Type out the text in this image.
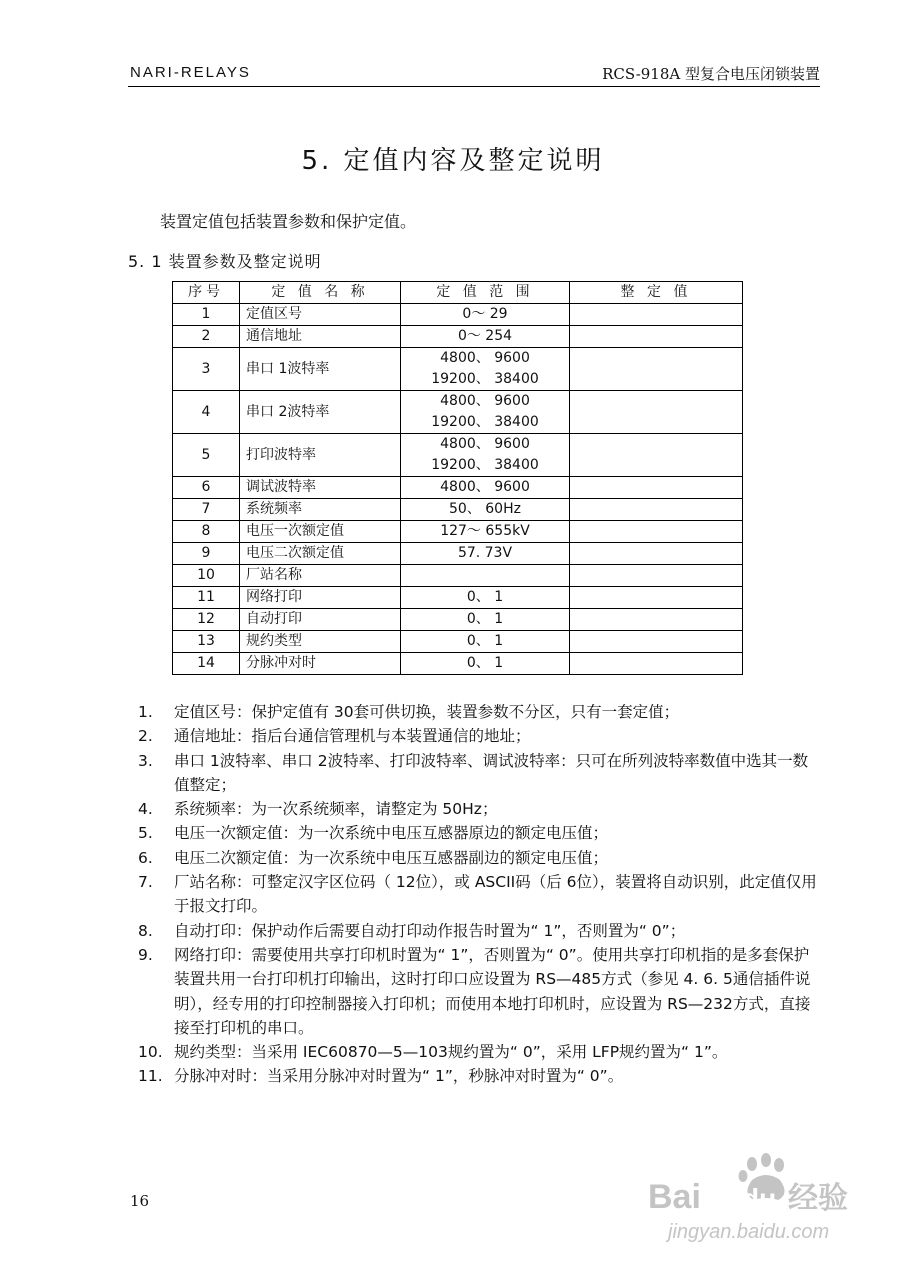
NARI-RELAYS	RCS-918A 型复合电压闭锁装置
5. 定值内容及整定说明
装置定值包括装置参数和保护定值。
5. 1 装置参数及整定说明
序号	定 值 名 称	定 值 范 围	整 定 值
1	定值区号	0～ 29	

2	通信地址	0～ 254	

3	串口 1波特率	4800、 9600
19200、 38400	

4	串口 2波特率	4800、 9600
19200、 38400	

5	打印波特率	4800、 9600
19200、 38400	

6	调试波特率	4800、 9600	

7	系统频率	50、 60Hz	

8	电压一次额定值	127～ 655kV	

9	电压二次额定值	57. 73V	

10	厂站名称	

11	网络打印	0、 1	

12	自动打印	0、 1	

13	规约类型	0、 1	

14	分脉冲对时	0、 1	

1. 定值区号：保护定值有 30套可供切换，装置参数不分区，只有一套定值；
2. 通信地址：指后台通信管理机与本装置通信的地址；
3. 串口 1波特率、串口 2波特率、打印波特率、调试波特率：只可在所列波特率数值中选其一数值整定；
4. 系统频率：为一次系统频率，请整定为 50Hz；
5. 电压一次额定值：为一次系统中电压互感器原边的额定电压值；
6. 电压二次额定值：为一次系统中电压互感器副边的额定电压值；
7. 厂站名称：可整定汉字区位码（ 12位），或 ASCII码（后 6位），装置将自动识别，此定值仅用于报文打印。
8. 自动打印：保护动作后需要自动打印动作报告时置为“ 1”，否则置为“ 0”；
9. 网络打印：需要使用共享打印机时置为“ 1”，否则置为“ 0”。使用共享打印机指的是多套保护装置共用一台打印机打印输出，这时打印口应设置为 RS—485方式（参见 4. 6. 5通信插件说明），经专用的打印控制器接入打印机；而使用本地打印机时，应设置为 RS—232方式，直接接至打印机的串口。
10. 规约类型：当采用 IEC60870—5—103规约置为“ 0”，采用 LFP规约置为“ 1”。
11. 分脉冲对时：当采用分脉冲对时置为“ 1”，秒脉冲对时置为“ 0”。
16	Bai du 经验
jingyan.baidu.com
